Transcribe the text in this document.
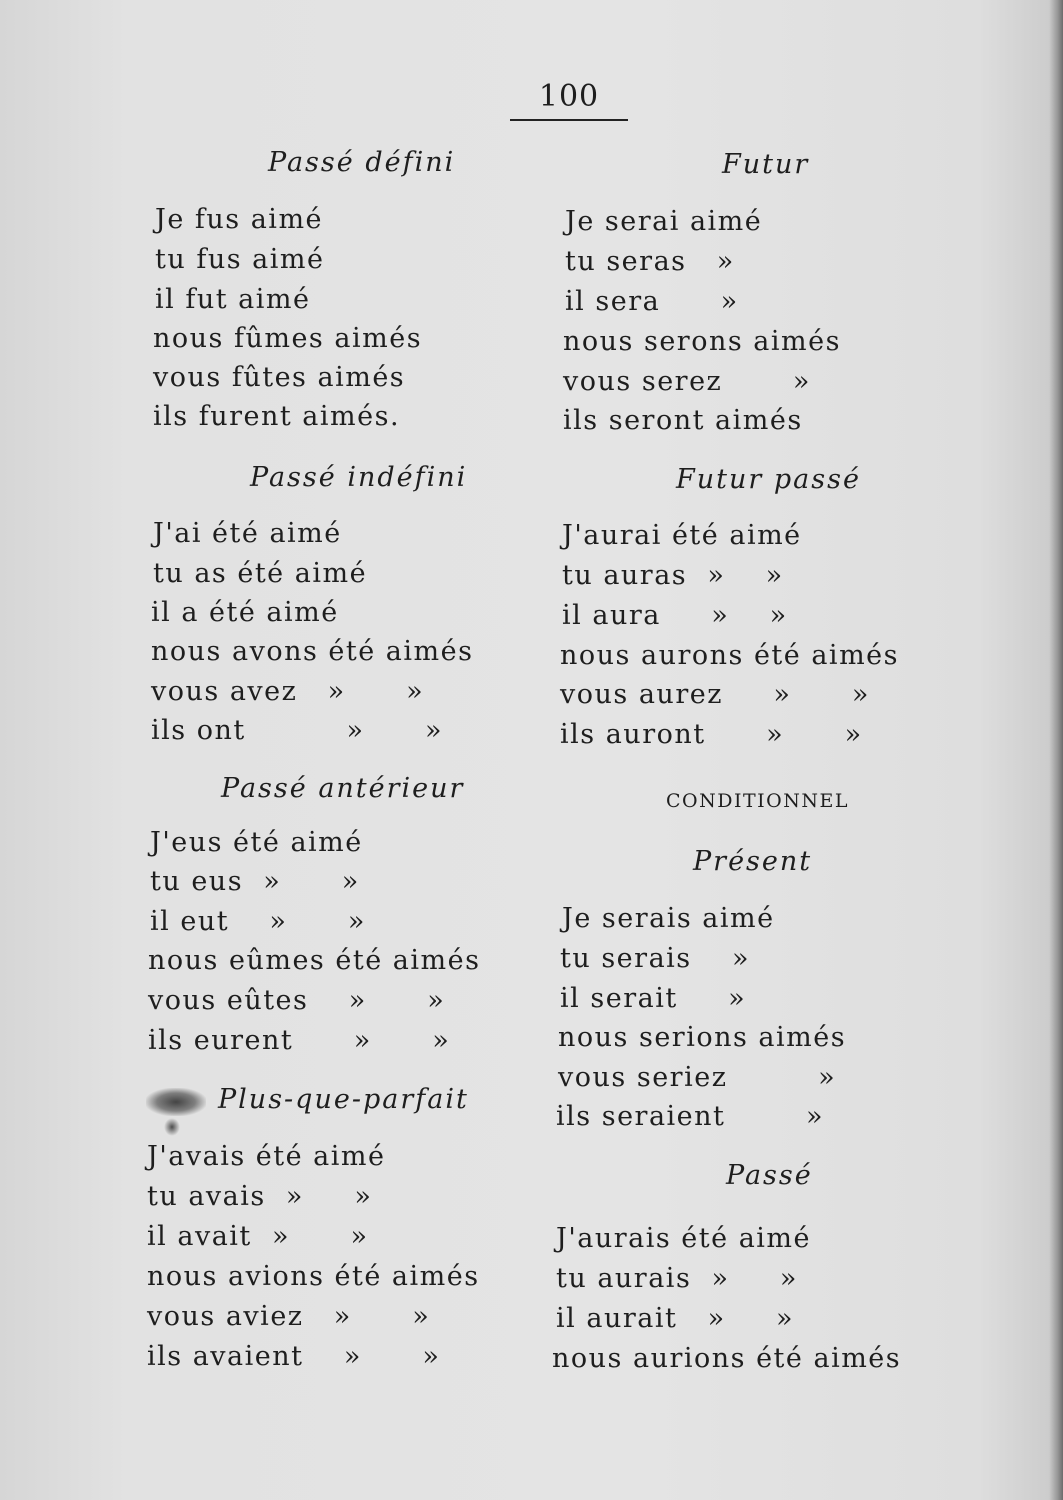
100
Passé défini
Je fus aimé
tu fus aimé
il fut aimé
nous fûmes aimés
vous fûtes aimés
ils furent aimés.
Passé indéfini
J'ai été aimé
tu as été aimé
il a été aimé
nous avons été aimés
vous avez   »      »
ils ont          »      »
Passé antérieur
J'eus été aimé
tu eus  »      »
il eut    »      »
nous eûmes été aimés
vous eûtes    »      »
ils eurent      »      »
Plus-que-parfait
J'avais été aimé
tu avais  »     »
il avait  »      »
nous avions été aimés
vous aviez   »      »
ils avaient    »      »
Futur
Je serai aimé
tu seras   »
il sera      »
nous serons aimés
vous serez       »
ils seront aimés
Futur passé
J'aurai été aimé
tu auras  »    »
il aura     »    »
nous aurons été aimés
vous aurez     »      »
ils auront      »      »
CONDITIONNEL
Présent
Je serais aimé
tu serais    »
il serait     »
nous serions aimés
vous seriez         »
ils seraient        »
Passé
J'aurais été aimé
tu aurais  »     »
il aurait   »     »
nous aurions été aimés
